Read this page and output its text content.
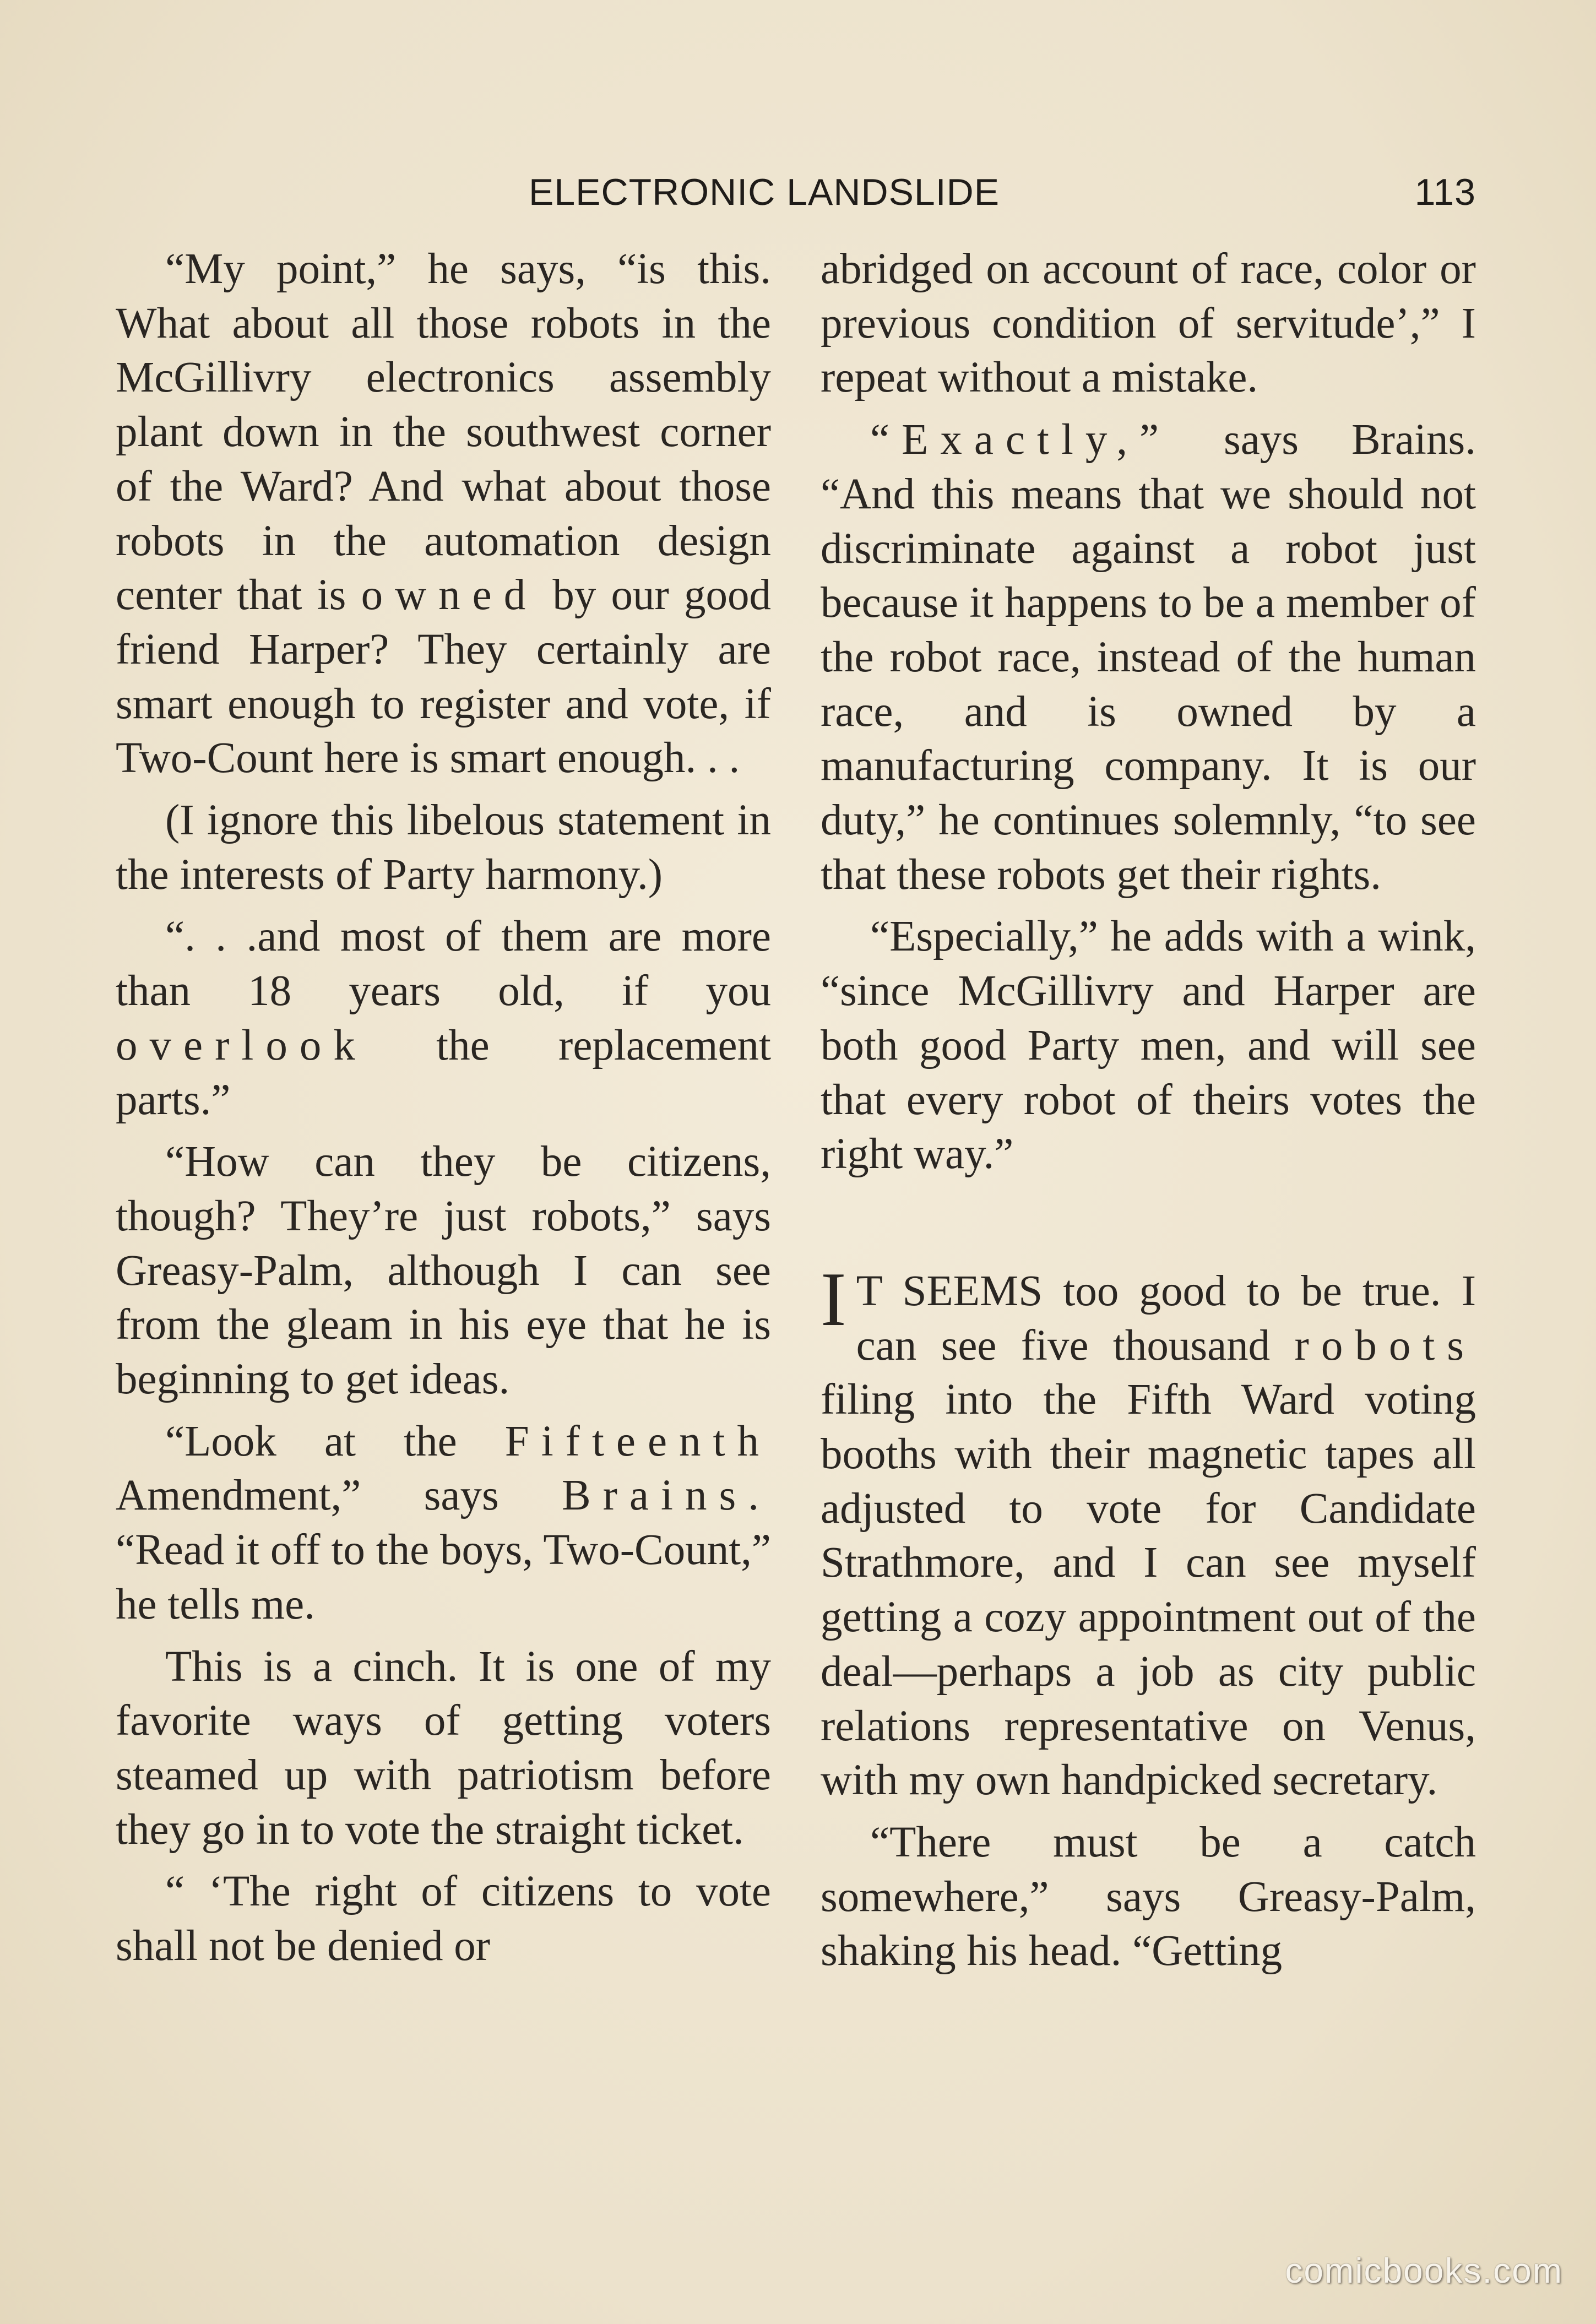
ELECTRONIC LANDSLIDE	113

“My point,” he says, “is this. What about all those robots in the McGillivry electronics assembly plant down in the southwest corner of the Ward? And what about those robots in the automation design center that is owned by our good friend Harper? They certainly are smart enough to register and vote, if Two-Count here is smart enough. . .

(I ignore this libelous statement in the interests of Party harmony.)

“. . .and most of them are more than 18 years old, if you overlook the replacement parts.”

“How can they be citizens, though? They’re just robots,” says Greasy-Palm, although I can see from the gleam in his eye that he is beginning to get ideas.

“Look at the Fifteenth Amendment,” says Brains. “Read it off to the boys, Two-Count,” he tells me.

This is a cinch. It is one of my favorite ways of getting voters steamed up with patriotism before they go in to vote the straight ticket.

“ ‘The right of citizens to vote shall not be denied or

abridged on account of race, color or previous condition of servitude’,” I repeat without a mistake.

“Exactly,” says Brains. “And this means that we should not discriminate against a robot just because it happens to be a member of the robot race, instead of the human race, and is owned by a manufacturing company. It is our duty,” he continues solemnly, “to see that these robots get their rights.

“Especially,” he adds with a wink, “since McGillivry and Harper are both good Party men, and will see that every robot of theirs votes the right way.”

I T SEEMS too good to be true. I can see five thousand robots filing into the Fifth Ward voting booths with their magnetic tapes all adjusted to vote for Candidate Strathmore, and I can see myself getting a cozy appointment out of the deal—perhaps a job as city public relations representative on Venus, with my own handpicked secretary.

“There must be a catch somewhere,” says Greasy-Palm, shaking his head. “Getting

comicbooks.com
